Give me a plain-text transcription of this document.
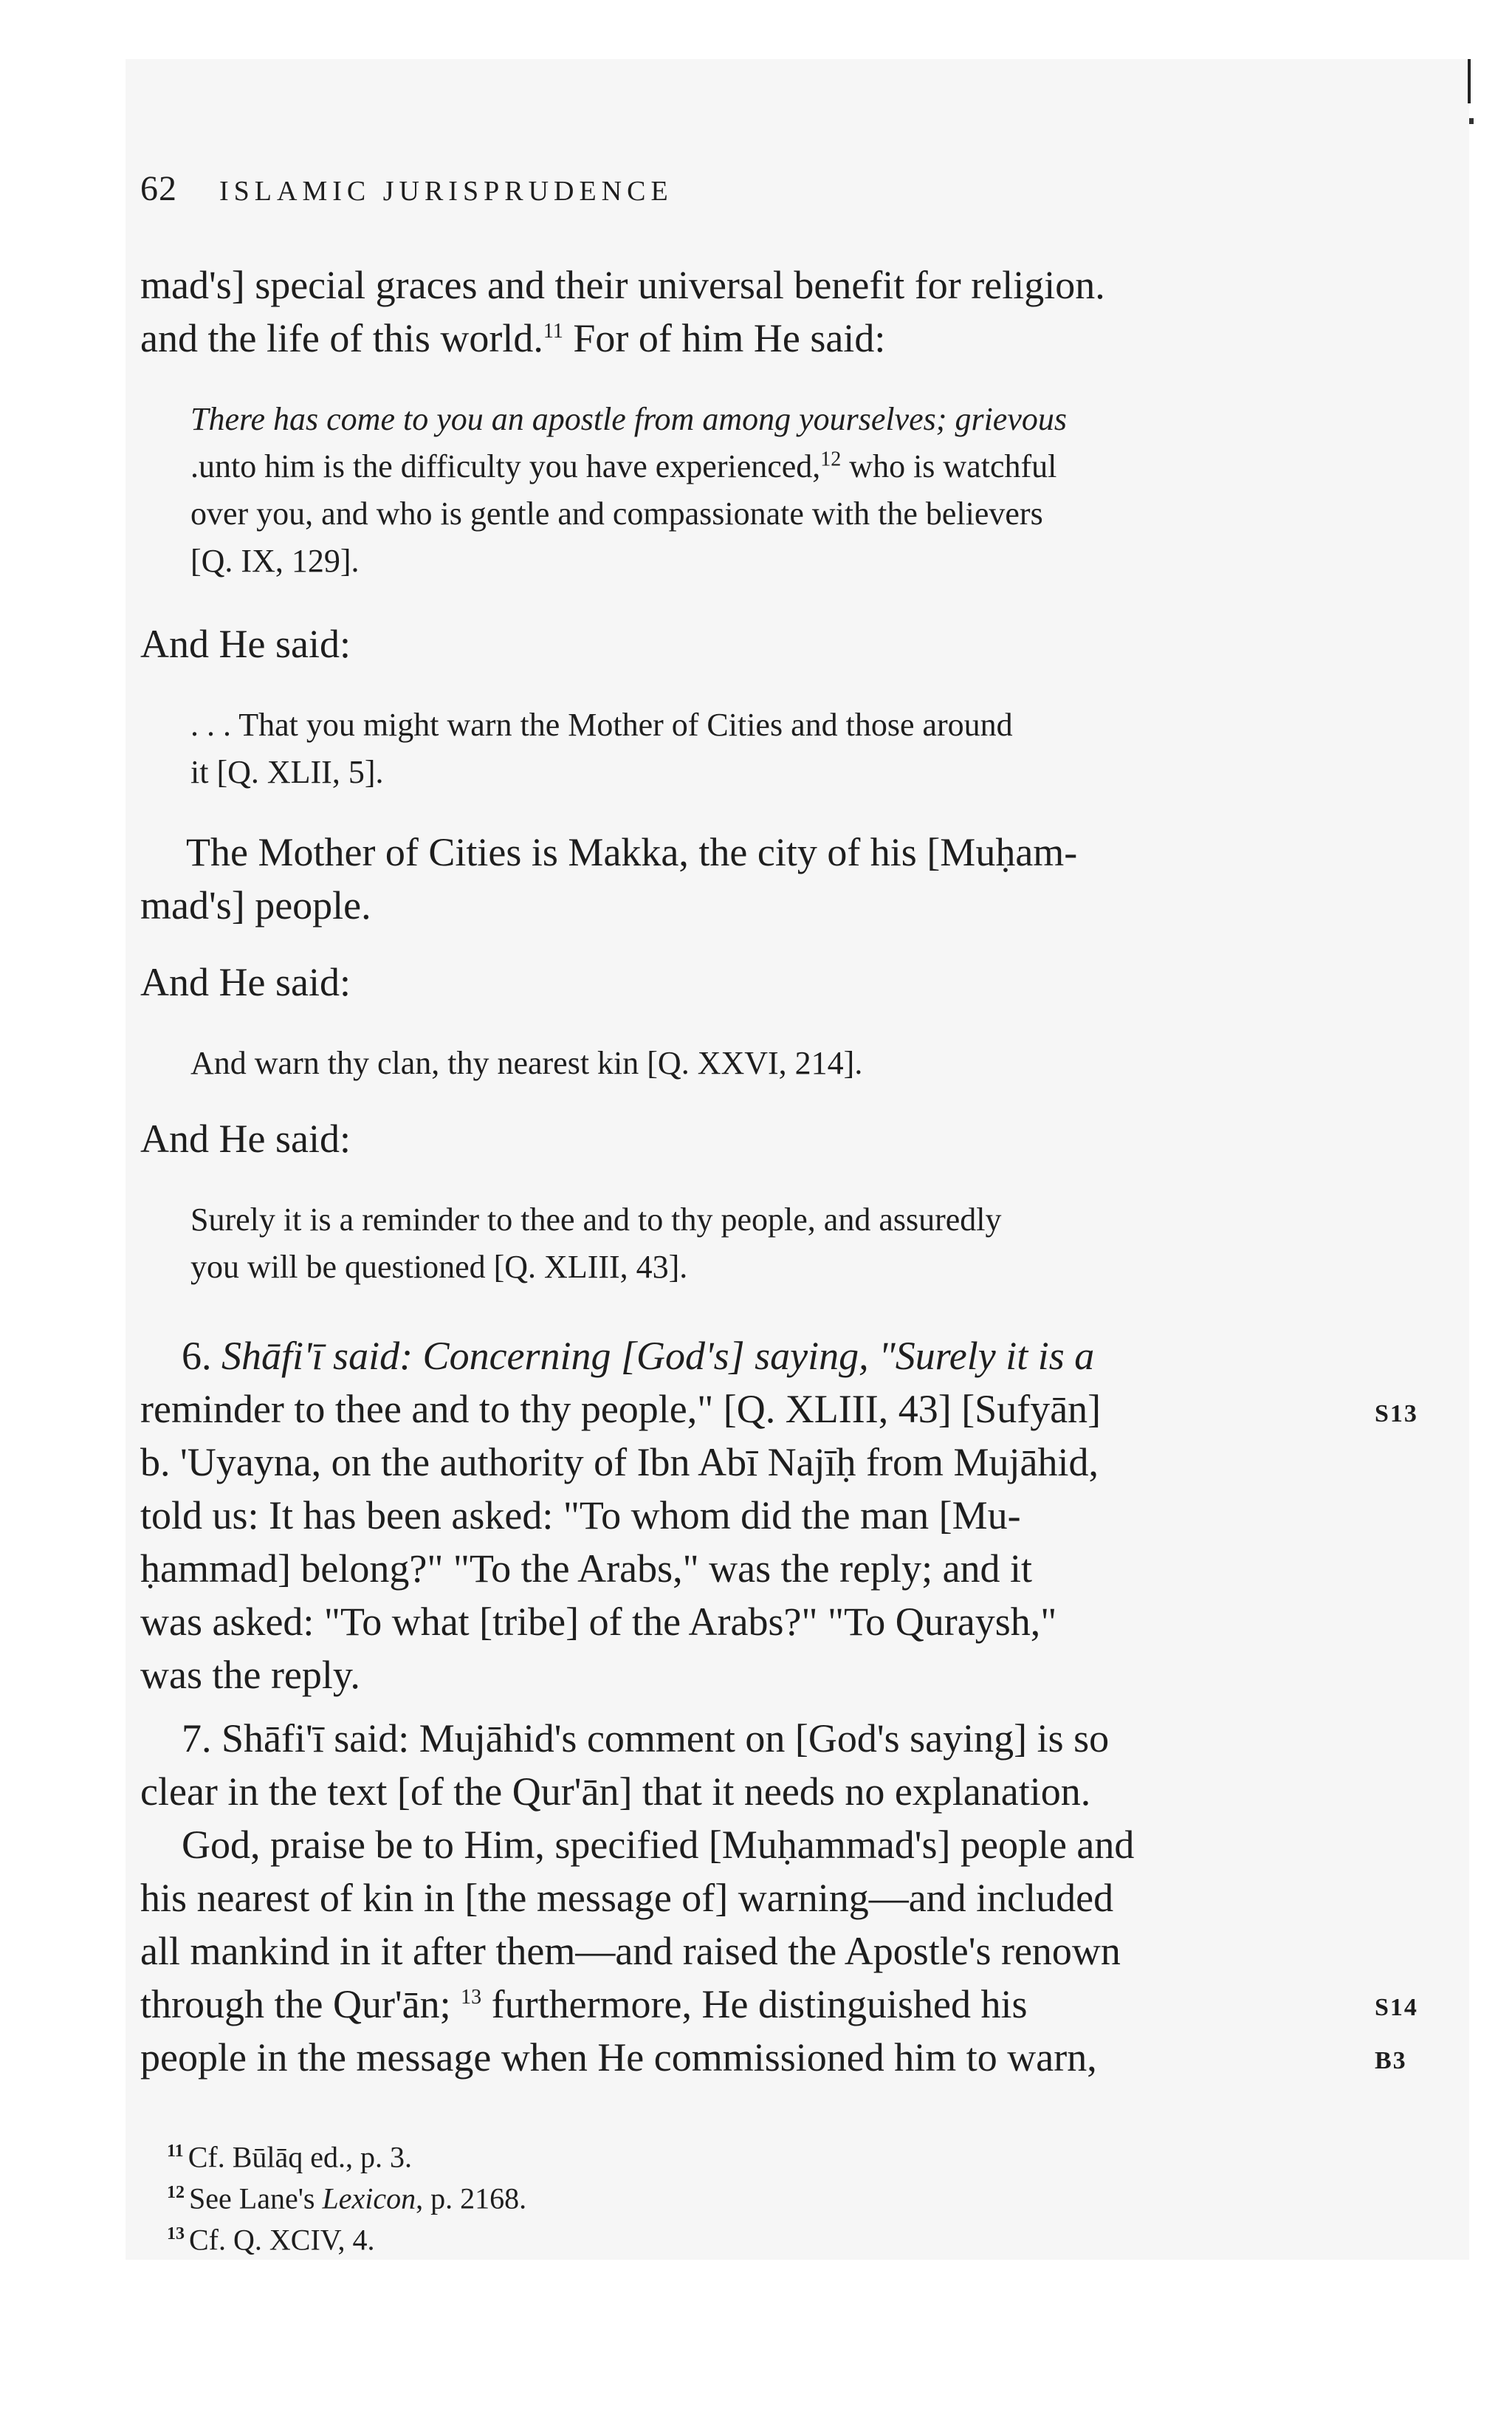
62 ISLAMIC JURISPRUDENCE
mad's] special graces and their universal benefit for religion.
and the life of this world.$^{11}$ For of him He said:
There has come to you an apostle from among yourselves; grievous
.unto him is the difficulty you have experienced,$^{12}$ who is watchful
over you, and who is gentle and compassionate with the believers
[Q. IX, 129].
And He said:
. . . That you might warn the Mother of Cities and those around
it [Q. XLII, 5].
The Mother of Cities is Makka, the city of his [Muḥam-
mad's] people.
And He said:
And warn thy clan, thy nearest kin [Q. XXVI, 214].
And He said:
Surely it is a reminder to thee and to thy people, and assuredly
you will be questioned [Q. XLIII, 43].
6. Shāfi'ī said: Concerning [God's] saying, "Surely it is a
reminder to thee and to thy people," [Q. XLIII, 43] [Sufyān]
b. 'Uyayna, on the authority of Ibn Abī Najīḥ from Mujāhid,
told us: It has been asked: "To whom did the man [Mu-
ḥammad] belong?" "To the Arabs," was the reply; and it
was asked: "To what [tribe] of the Arabs?" "To Quraysh,"
was the reply.
7. Shāfi'ī said: Mujāhid's comment on [God's saying] is so
clear in the text [of the Qur'ān] that it needs no explanation.
God, praise be to Him, specified [Muḥammad's] people and
his nearest of kin in [the message of] warning—and included
all mankind in it after them—and raised the Apostle's renown
through the Qur'ān; $^{13}$ furthermore, He distinguished his
people in the message when He commissioned him to warn,
S13
S14
B3
$^{11}$ Cf. Būlāq ed., p. 3.
$^{12}$ See Lane's Lexicon, p. 2168.
$^{13}$ Cf. Q. XCIV, 4.
